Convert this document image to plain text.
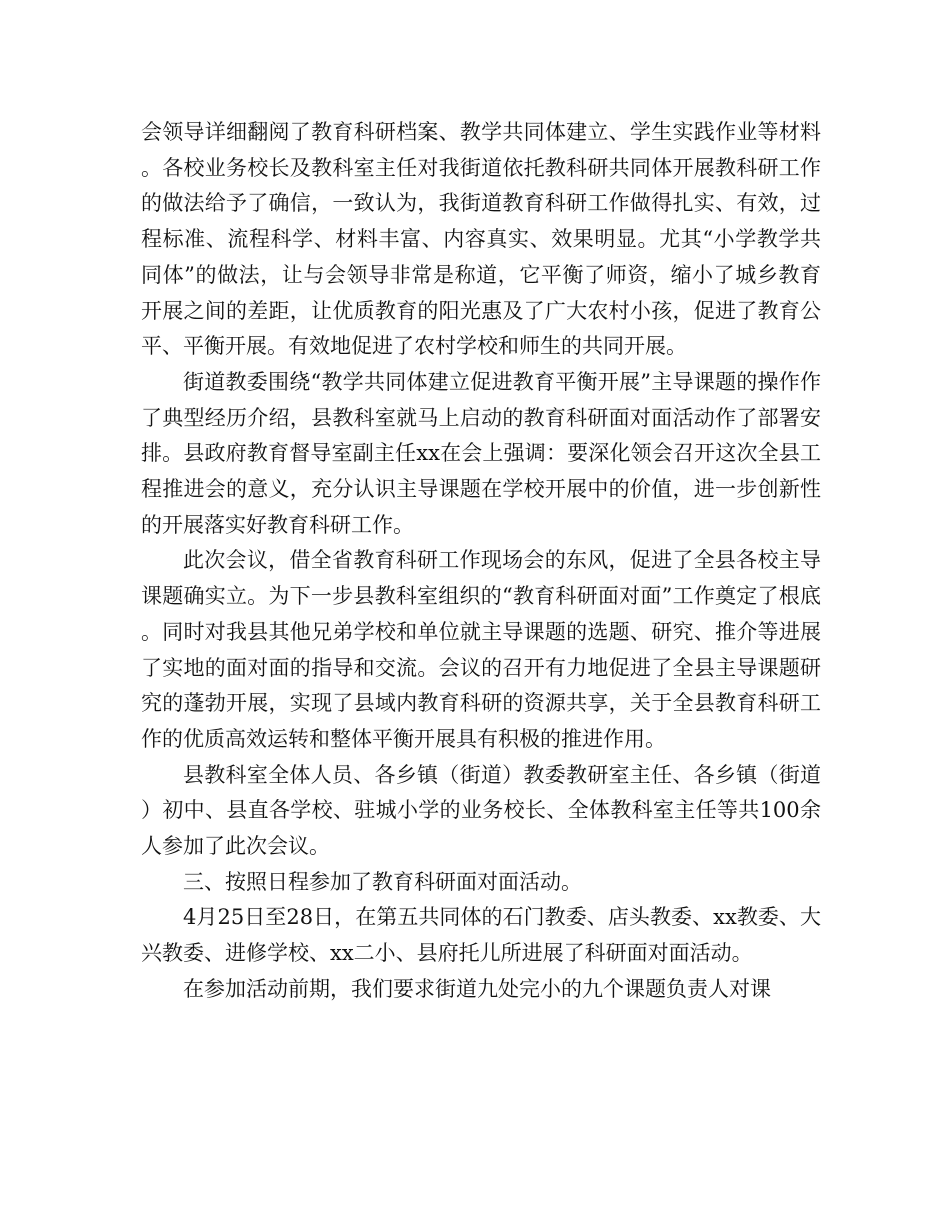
会领导详细翻阅了教育科研档案、教学共同体建立、学生实践作业等材料。各校业务校长及教科室主任对我街道依托教科研共同体开展教科研工作的做法给予了确信，一致认为，我街道教育科研工作做得扎实、有效，过程标准、流程科学、材料丰富、内容真实、效果明显。尤其“小学教学共同体”的做法，让与会领导非常是称道，它平衡了师资，缩小了城乡教育开展之间的差距，让优质教育的阳光惠及了广大农村小孩，促进了教育公平、平衡开展。有效地促进了农村学校和师生的共同开展。

街道教委围绕“教学共同体建立促进教育平衡开展”主导课题的操作作了典型经历介绍，县教科室就马上启动的教育科研面对面活动作了部署安排。县政府教育督导室副主任xx在会上强调：要深化领会召开这次全县工程推进会的意义，充分认识主导课题在学校开展中的价值，进一步创新性的开展落实好教育科研工作。

此次会议，借全省教育科研工作现场会的东风，促进了全县各校主导课题确实立。为下一步县教科室组织的“教育科研面对面”工作奠定了根底。同时对我县其他兄弟学校和单位就主导课题的选题、研究、推介等进展了实地的面对面的指导和交流。会议的召开有力地促进了全县主导课题研究的蓬勃开展，实现了县域内教育科研的资源共享，关于全县教育科研工作的优质高效运转和整体平衡开展具有积极的推进作用。

县教科室全体人员、各乡镇（街道）教委教研室主任、各乡镇（街道）初中、县直各学校、驻城小学的业务校长、全体教科室主任等共100余人参加了此次会议。

三、按照日程参加了教育科研面对面活动。

4月25日至28日，在第五共同体的石门教委、店头教委、xx教委、大兴教委、进修学校、xx二小、县府托儿所进展了科研面对面活动。

在参加活动前期，我们要求街道九处完小的九个课题负责人对课
